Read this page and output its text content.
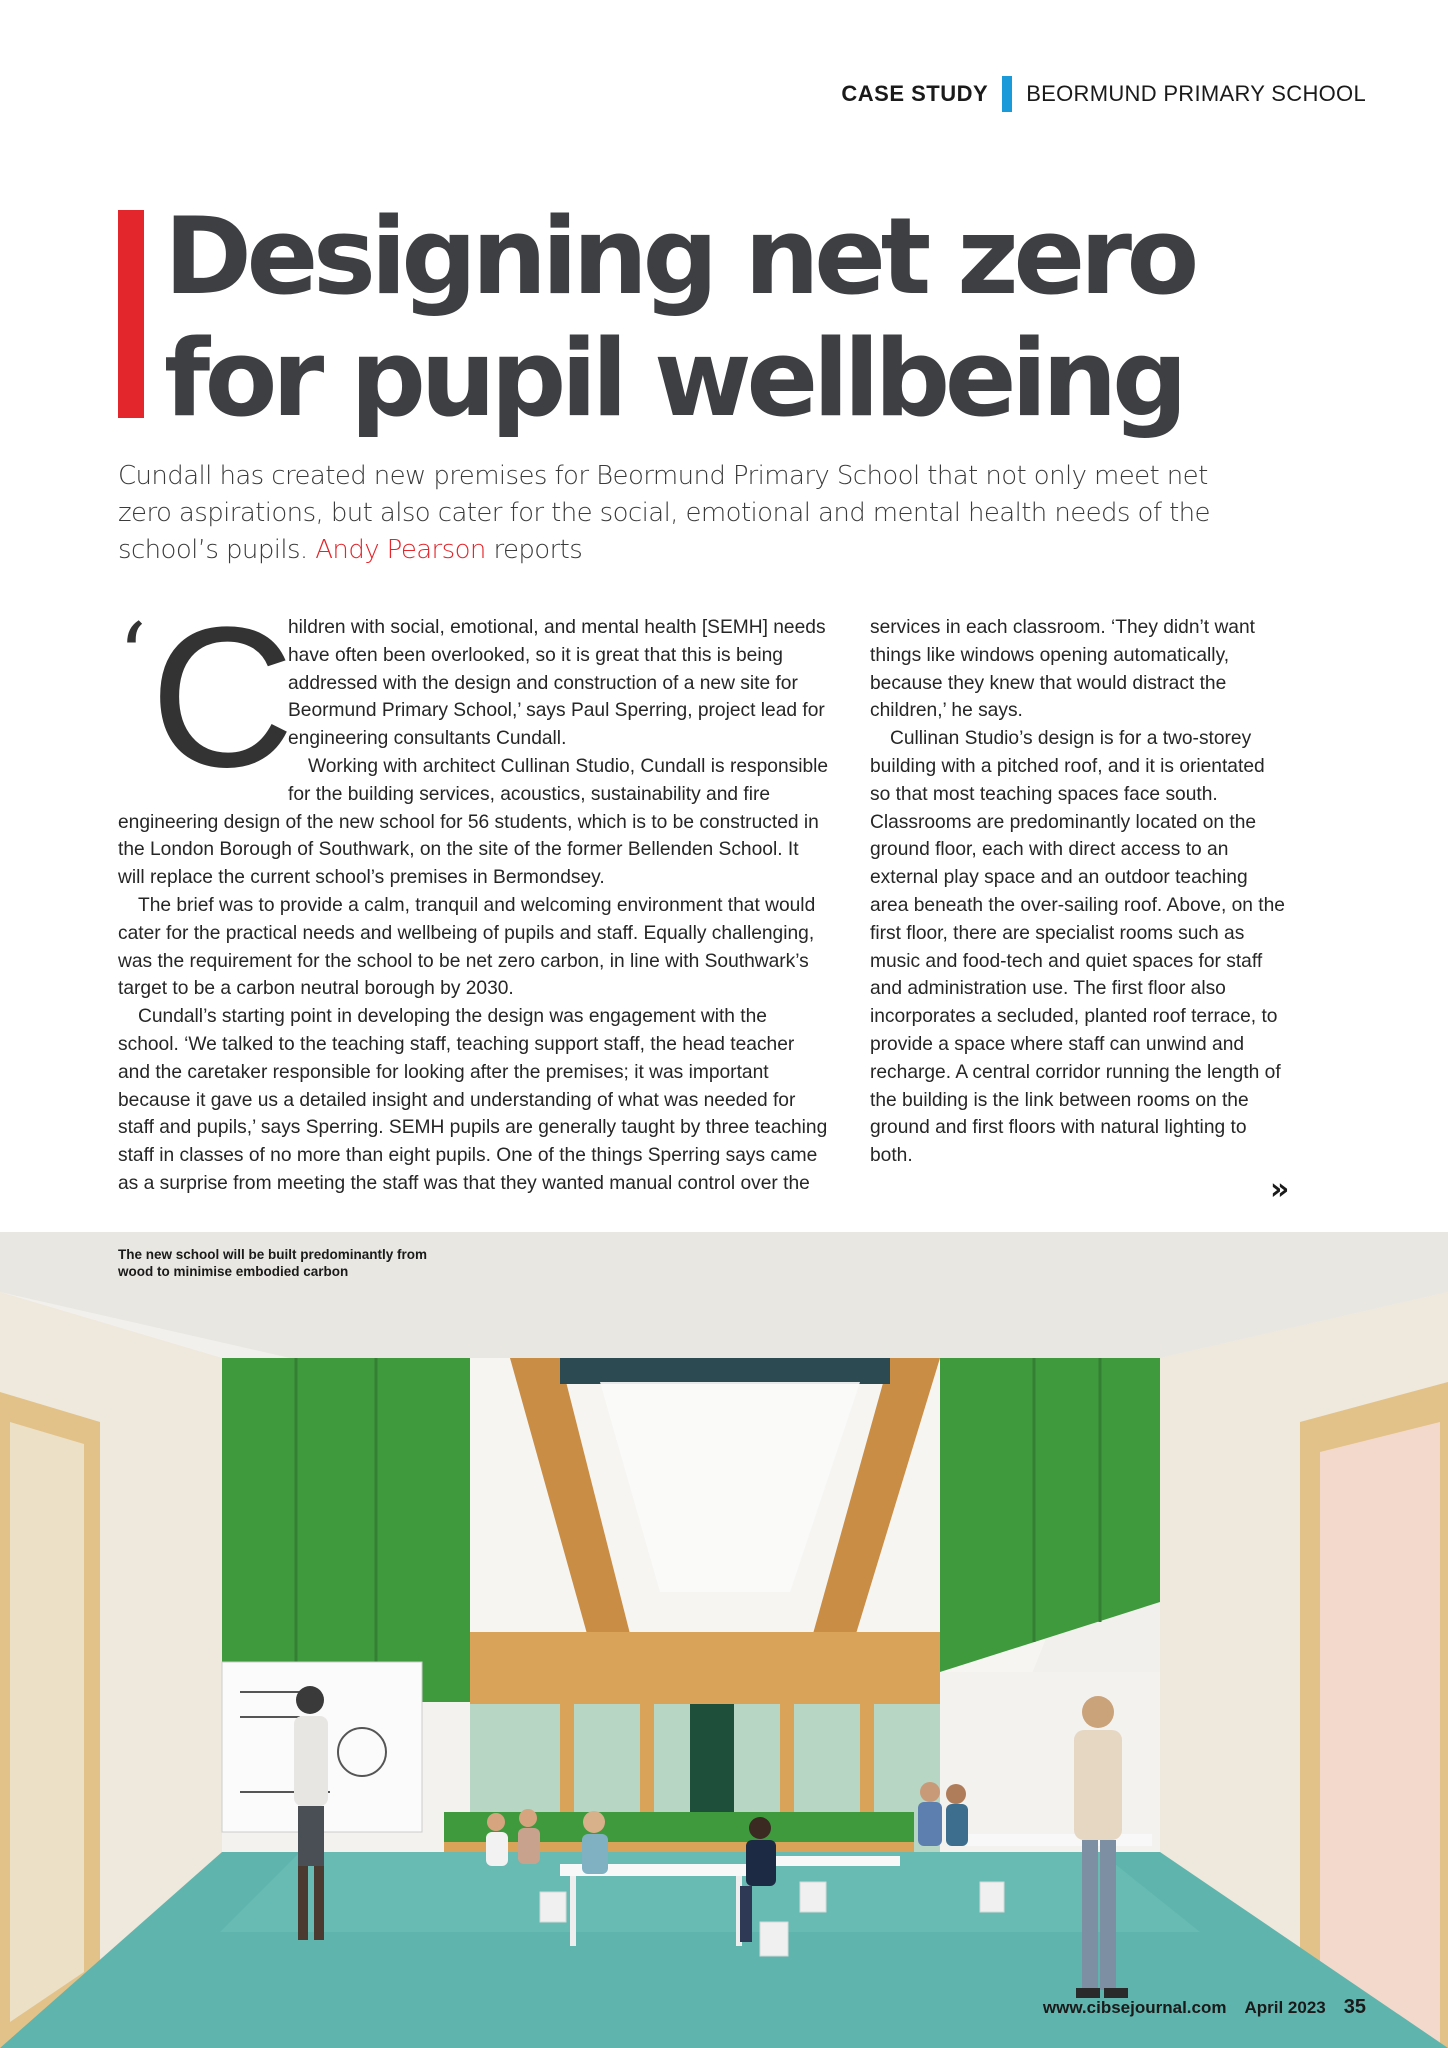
CASE STUDY BEORMUND PRIMARY SCHOOL
Designing net zero
for pupil wellbeing

Cundall has created new premises for Beormund Primary School that not only meet net zero aspirations, but also cater for the social, emotional and mental health needs of the school’s pupils. Andy Pearson reports

‘ C hildren with social, emotional, and mental health [SEMH] needs have often been overlooked, so it is great that this is being addressed with the design and construction of a new site for Beormund Primary School,’ says Paul Sperring, project lead for engineering consultants Cundall.

Working with architect Cullinan Studio, Cundall is responsible for the building services, acoustics, sustainability and fire engineering design of the new school for 56 students, which is to be constructed in the London Borough of Southwark, on the site of the former Bellenden School. It will replace the current school’s premises in Bermondsey.

The brief was to provide a calm, tranquil and welcoming environment that would cater for the practical needs and wellbeing of pupils and staff. Equally challenging, was the requirement for the school to be net zero carbon, in line with Southwark’s target to be a carbon neutral borough by 2030.

Cundall’s starting point in developing the design was engagement with the school. ‘We talked to the teaching staff, teaching support staff, the head teacher and the caretaker responsible for looking after the premises; it was important because it gave us a detailed insight and understanding of what was needed for staff and pupils,’ says Sperring. SEMH pupils are generally taught by three teaching staff in classes of no more than eight pupils. One of the things Sperring says came as a surprise from meeting the staff was that they wanted manual control over the

services in each classroom. ‘They didn’t want things like windows opening automatically, because they knew that would distract the children,’ he says.

Cullinan Studio’s design is for a two-storey building with a pitched roof, and it is orientated so that most teaching spaces face south. Classrooms are predominantly located on the ground floor, each with direct access to an external play space and an outdoor teaching area beneath the over-sailing roof. Above, on the first floor, there are specialist rooms such as music and food-tech and quiet spaces for staff and administration use. The first floor also incorporates a secluded, planted roof terrace, to provide a space where staff can unwind and recharge. A central corridor running the length of the building is the link between rooms on the ground and first floors with natural lighting to both.

»

The new school will be built predominantly from wood to minimise embodied carbon

www.cibsejournal.com April 2023 35
